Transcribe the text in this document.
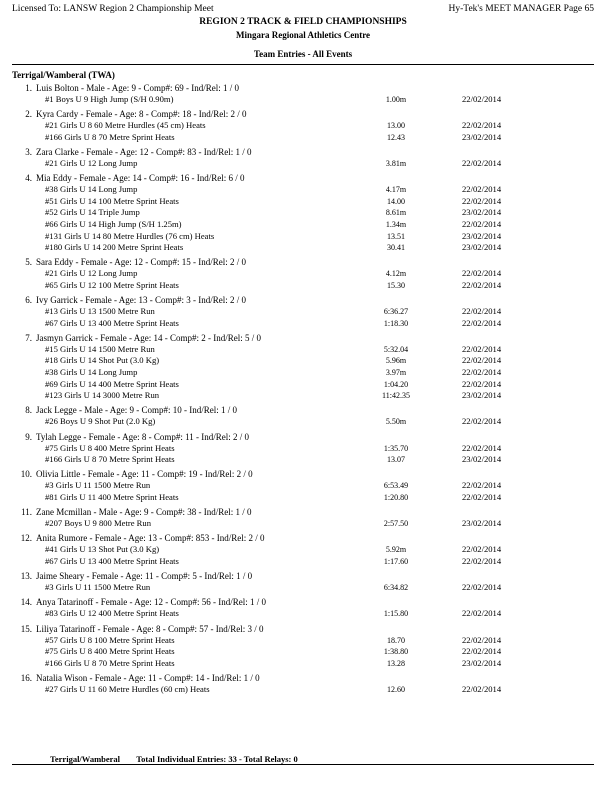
Licensed To: LANSW Region 2 Championship Meet	Hy-Tek's MEET MANAGER Page 65
REGION 2 TRACK & FIELD CHAMPIONSHIPS
Mingara Regional Athletics Centre
Team Entries - All Events
Terrigal/Wamberal (TWA)
1. Luis Bolton - Male - Age: 9 - Comp#: 69 - Ind/Rel: 1 / 0
#1 Boys U 9 High Jump (S/H 0.90m)	1.00m	22/02/2014
2. Kyra Cardy - Female - Age: 8 - Comp#: 18 - Ind/Rel: 2 / 0
#21 Girls U 8 60 Metre Hurdles (45 cm) Heats	13.00	22/02/2014
#166 Girls U 8 70 Metre Sprint Heats	12.43	23/02/2014
3. Zara Clarke - Female - Age: 12 - Comp#: 83 - Ind/Rel: 1 / 0
#21 Girls U 12 Long Jump	3.81m	22/02/2014
4. Mia Eddy - Female - Age: 14 - Comp#: 16 - Ind/Rel: 6 / 0
#38 Girls U 14 Long Jump	4.17m	22/02/2014
#51 Girls U 14 100 Metre Sprint Heats	14.00	22/02/2014
#52 Girls U 14 Triple Jump	8.61m	23/02/2014
#66 Girls U 14 High Jump (S/H 1.25m)	1.34m	22/02/2014
#131 Girls U 14 80 Metre Hurdles (76 cm) Heats	13.51	23/02/2014
#180 Girls U 14 200 Metre Sprint Heats	30.41	23/02/2014
5. Sara Eddy - Female - Age: 12 - Comp#: 15 - Ind/Rel: 2 / 0
#21 Girls U 12 Long Jump	4.12m	22/02/2014
#65 Girls U 12 100 Metre Sprint Heats	15.30	22/02/2014
6. Ivy Garrick - Female - Age: 13 - Comp#: 3 - Ind/Rel: 2 / 0
#13 Girls U 13 1500 Metre Run	6:36.27	22/02/2014
#67 Girls U 13 400 Metre Sprint Heats	1:18.30	22/02/2014
7. Jasmyn Garrick - Female - Age: 14 - Comp#: 2 - Ind/Rel: 5 / 0
#15 Girls U 14 1500 Metre Run	5:32.04	22/02/2014
#18 Girls U 14 Shot Put (3.0 Kg)	5.96m	22/02/2014
#38 Girls U 14 Long Jump	3.97m	22/02/2014
#69 Girls U 14 400 Metre Sprint Heats	1:04.20	22/02/2014
#123 Girls U 14 3000 Metre Run	11:42.35	23/02/2014
8. Jack Legge - Male - Age: 9 - Comp#: 10 - Ind/Rel: 1 / 0
#26 Boys U 9 Shot Put (2.0 Kg)	5.50m	22/02/2014
9. Tylah Legge - Female - Age: 8 - Comp#: 11 - Ind/Rel: 2 / 0
#75 Girls U 8 400 Metre Sprint Heats	1:35.70	22/02/2014
#166 Girls U 8 70 Metre Sprint Heats	13.07	23/02/2014
10. Olivia Little - Female - Age: 11 - Comp#: 19 - Ind/Rel: 2 / 0
#3 Girls U 11 1500 Metre Run	6:53.49	22/02/2014
#81 Girls U 11 400 Metre Sprint Heats	1:20.80	22/02/2014
11. Zane Mcmillan - Male - Age: 9 - Comp#: 38 - Ind/Rel: 1 / 0
#207 Boys U 9 800 Metre Run	2:57.50	23/02/2014
12. Anita Rumore - Female - Age: 13 - Comp#: 853 - Ind/Rel: 2 / 0
#41 Girls U 13 Shot Put (3.0 Kg)	5.92m	22/02/2014
#67 Girls U 13 400 Metre Sprint Heats	1:17.60	22/02/2014
13. Jaime Sheary - Female - Age: 11 - Comp#: 5 - Ind/Rel: 1 / 0
#3 Girls U 11 1500 Metre Run	6:34.82	22/02/2014
14. Anya Tatarinoff - Female - Age: 12 - Comp#: 56 - Ind/Rel: 1 / 0
#83 Girls U 12 400 Metre Sprint Heats	1:15.80	22/02/2014
15. Liliya Tatarinoff - Female - Age: 8 - Comp#: 57 - Ind/Rel: 3 / 0
#57 Girls U 8 100 Metre Sprint Heats	18.70	22/02/2014
#75 Girls U 8 400 Metre Sprint Heats	1:38.80	22/02/2014
#166 Girls U 8 70 Metre Sprint Heats	13.28	23/02/2014
16. Natalia Wison - Female - Age: 11 - Comp#: 14 - Ind/Rel: 1 / 0
#27 Girls U 11 60 Metre Hurdles (60 cm) Heats	12.60	22/02/2014
Terrigal/Wamberal Total Individual Entries: 33 - Total Relays: 0
